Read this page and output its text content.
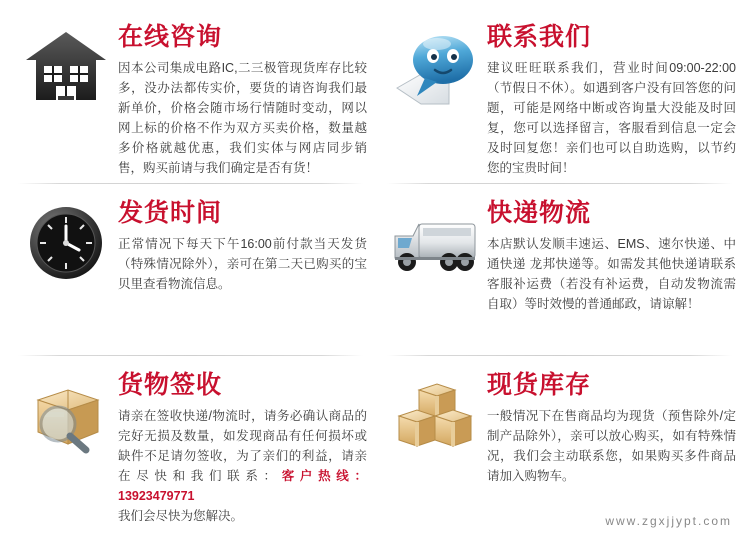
在线咨询

因本公司集成电路IC,二三极管现货库存比较多，没办法都传实价，要货的请咨询我们最新单价，价格会随市场行情随时变动，网以网上标的价格不作为双方买卖价格，数量越多价格就越优惠，我们实体与网店同步销售，购买前请与我们确定是否有货！

联系我们

建议旺旺联系我们，营业时间09:00-22:00（节假日不休）。如遇到客户没有回答您的问题，可能是网络中断或咨询量大没能及时回复，您可以选择留言，客服看到信息一定会及时回复您！亲们也可以自助选购，以节约您的宝贵时间！

发货时间

正常情况下每天下午16:00前付款当天发货（特殊情况除外），亲可在第二天已购买的宝贝里查看物流信息。

快递物流

本店默认发顺丰速运、EMS、速尔快递、中通快递 龙邦快递等。如需发其他快递请联系客服补运费（若没有补运费，自动发物流需自取）等时效慢的普通邮政，请谅解！

货物签收

请亲在签收快递/物流时，请务必确认商品的完好无损及数量，如发现商品有任何损坏或缺件不足请勿签收，为了亲们的利益，请亲在尽快和我们联系：客户热线：13923479771
我们会尽快为您解决。

现货库存

一般情况下在售商品均为现货（预售除外/定制产品除外），亲可以放心购买，如有特殊情况，我们会主动联系您，如果购买多件商品请加入购物车。

www.zgxjjypt.com
